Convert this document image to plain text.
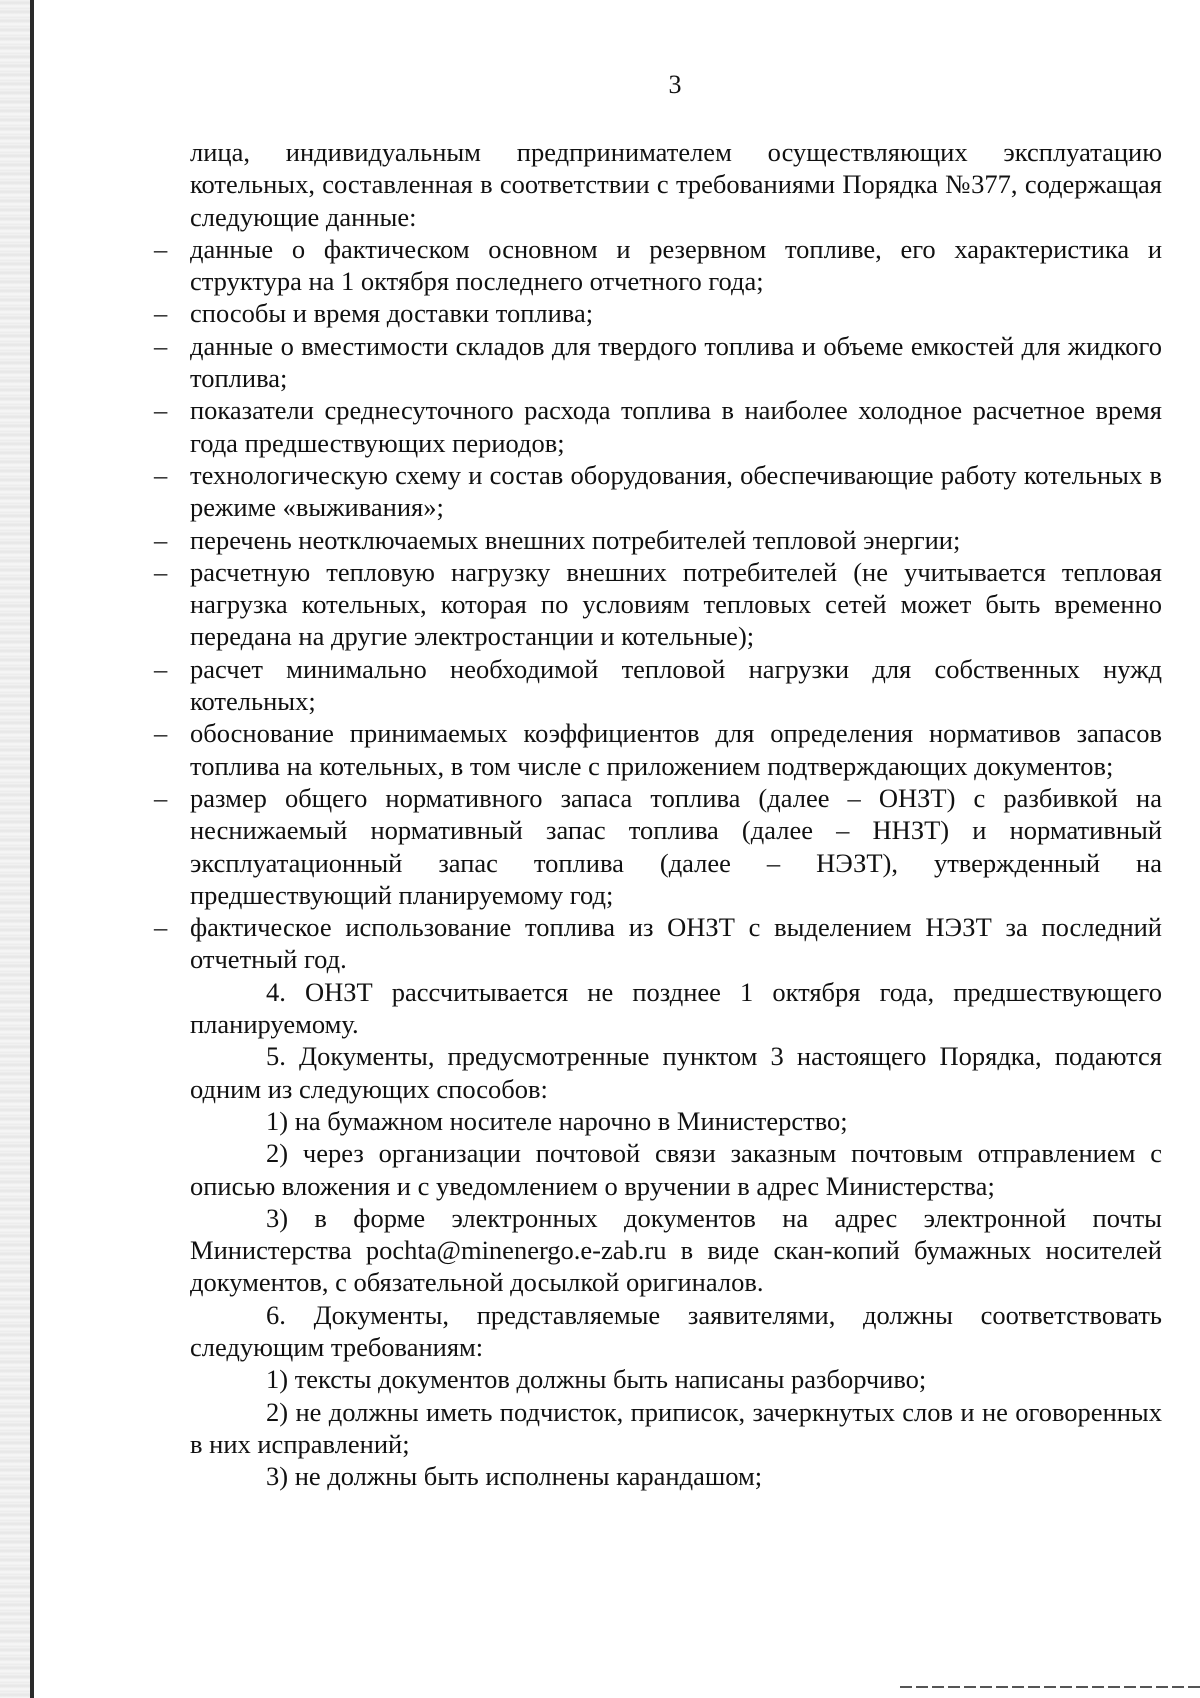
3

лица, индивидуальным предпринимателем осуществляющих эксплуатацию котельных, составленная в соответствии с требованиями Порядка №377, содержащая следующие данные:

– данные о фактическом основном и резервном топливе, его характеристика и структура на 1 октября последнего отчетного года;
– способы и время доставки топлива;
– данные о вместимости складов для твердого топлива и объеме емкостей для жидкого топлива;
– показатели среднесуточного расхода топлива в наиболее холодное расчетное время года предшествующих периодов;
– технологическую схему и состав оборудования, обеспечивающие работу котельных в режиме «выживания»;
– перечень неотключаемых внешних потребителей тепловой энергии;
– расчетную тепловую нагрузку внешних потребителей (не учитывается тепловая нагрузка котельных, которая по условиям тепловых сетей может быть временно передана на другие электростанции и котельные);
– расчет минимально необходимой тепловой нагрузки для собственных нужд котельных;
– обоснование принимаемых коэффициентов для определения нормативов запасов топлива на котельных, в том числе с приложением подтверждающих документов;
– размер общего нормативного запаса топлива (далее – ОНЗТ) с разбивкой на неснижаемый нормативный запас топлива (далее – ННЗТ) и нормативный эксплуатационный запас топлива (далее – НЭЗТ), утвержденный на предшествующий планируемому год;
– фактическое использование топлива из ОНЗТ с выделением НЭЗТ за последний отчетный год.

4. ОНЗТ рассчитывается не позднее 1 октября года, предшествующего планируемому.

5. Документы, предусмотренные пунктом 3 настоящего Порядка, подаются одним из следующих способов:

1) на бумажном носителе нарочно в Министерство;

2) через организации почтовой связи заказным почтовым отправлением с описью вложения и с уведомлением о вручении в адрес Министерства;

3) в форме электронных документов на адрес электронной почты Министерства pochta@minenergo.e-zab.ru в виде скан-копий бумажных носителей документов, с обязательной досылкой оригиналов.

6. Документы, представляемые заявителями, должны соответствовать следующим требованиям:

1) тексты документов должны быть написаны разборчиво;

2) не должны иметь подчисток, приписок, зачеркнутых слов и не оговоренных в них исправлений;

3) не должны быть исполнены карандашом;
